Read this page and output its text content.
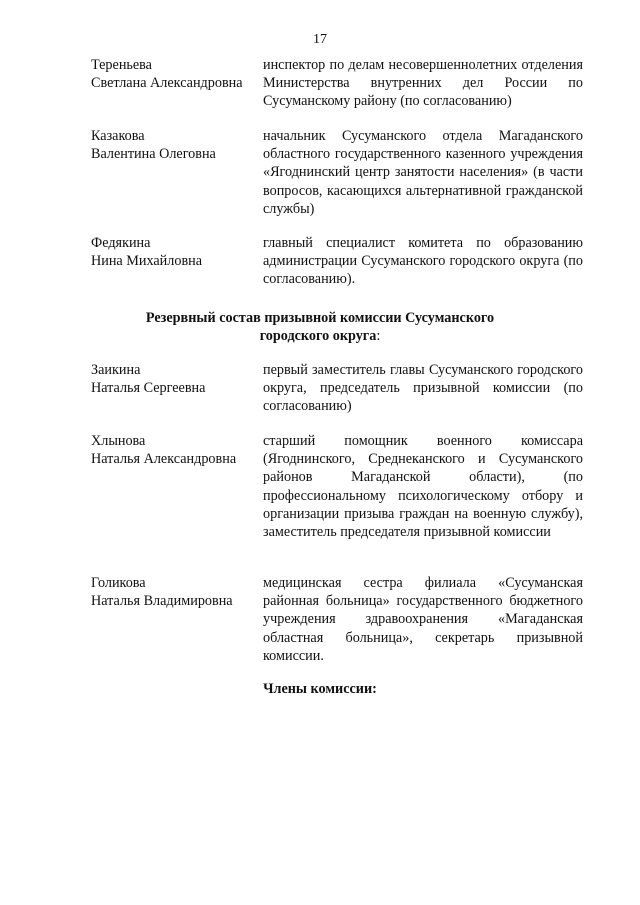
17
Тереньева
Светлана Александровна
инспектор по делам несовершеннолетних отделения Министерства внутренних дел России по Сусуманскому району (по согласованию)
Казакова
Валентина Олеговна
начальник Сусуманского отдела Магаданского областного государственного казенного учреждения «Ягоднинский центр занятости населения» (в части вопросов, касающихся альтернативной гражданской службы)
Федякина
Нина Михайловна
главный специалист комитета по образованию администрации Сусуманского городского округа (по согласованию).
Резервный состав призывной комиссии Сусуманского
городского округа:
Заикина
Наталья Сергеевна
первый заместитель главы Сусуманского городского округа, председатель призывной комиссии (по согласованию)
Хлынова
Наталья Александровна
старший помощник военного комиссара (Ягоднинского, Среднеканского и Сусуманского районов Магаданской области), (по профессиональному психологическому отбору и организации призыва граждан на военную службу), заместитель председателя призывной комиссии
Голикова
Наталья Владимировна
медицинская сестра филиала «Сусуманская районная больница» государственного бюджетного учреждения здравоохранения «Магаданская областная больница», секретарь призывной комиссии.
Члены комиссии:
